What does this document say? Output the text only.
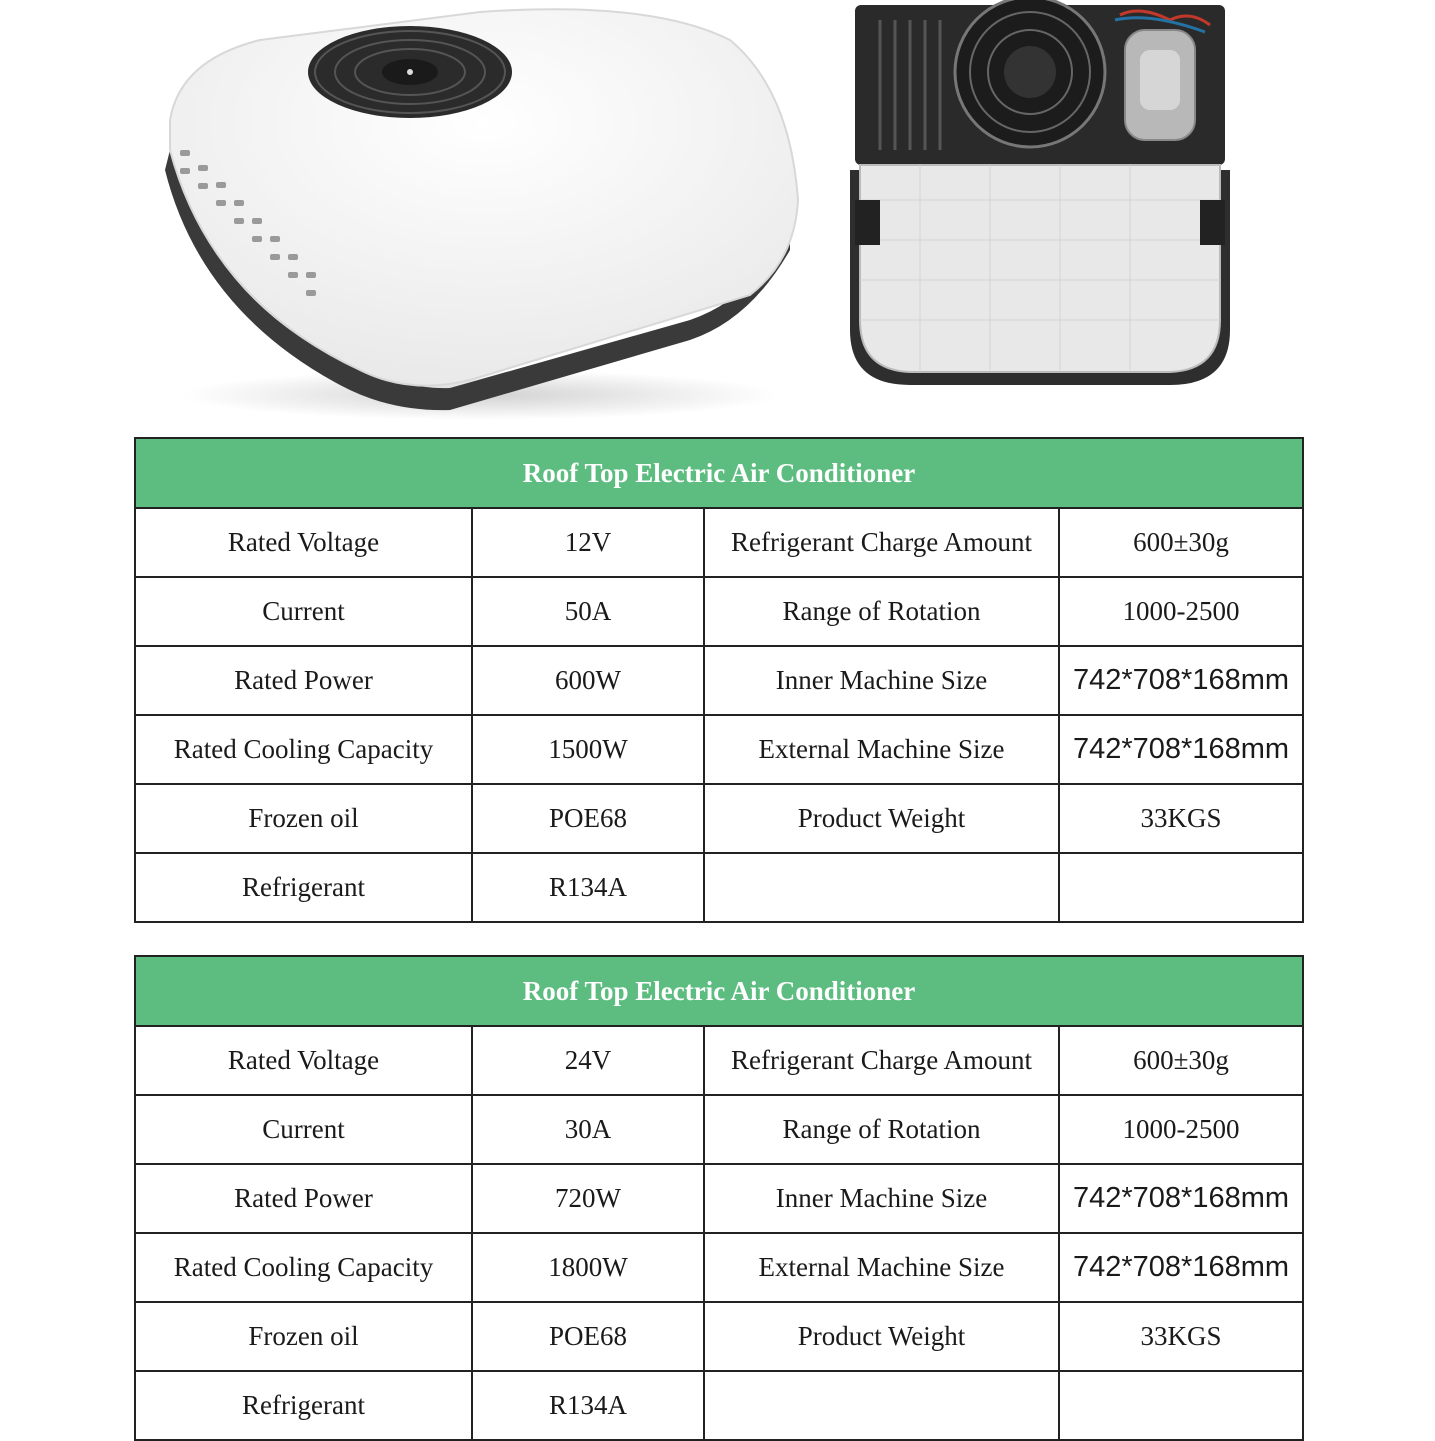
Roof Top Electric Air Conditioner			
Rated Voltage	12V	Refrigerant Charge Amount	600±30g
Current	50A	Range of Rotation	1000-2500
Rated Power	600W	Inner Machine Size	742*708*168mm
Rated Cooling Capacity	1500W	External Machine Size	742*708*168mm
Frozen oil	POE68	Product Weight	33KGS
Refrigerant	R134A		
Roof Top Electric Air Conditioner			
Rated Voltage	24V	Refrigerant Charge Amount	600±30g
Current	30A	Range of Rotation	1000-2500
Rated Power	720W	Inner Machine Size	742*708*168mm
Rated Cooling Capacity	1800W	External Machine Size	742*708*168mm
Frozen oil	POE68	Product Weight	33KGS
Refrigerant	R134A		
